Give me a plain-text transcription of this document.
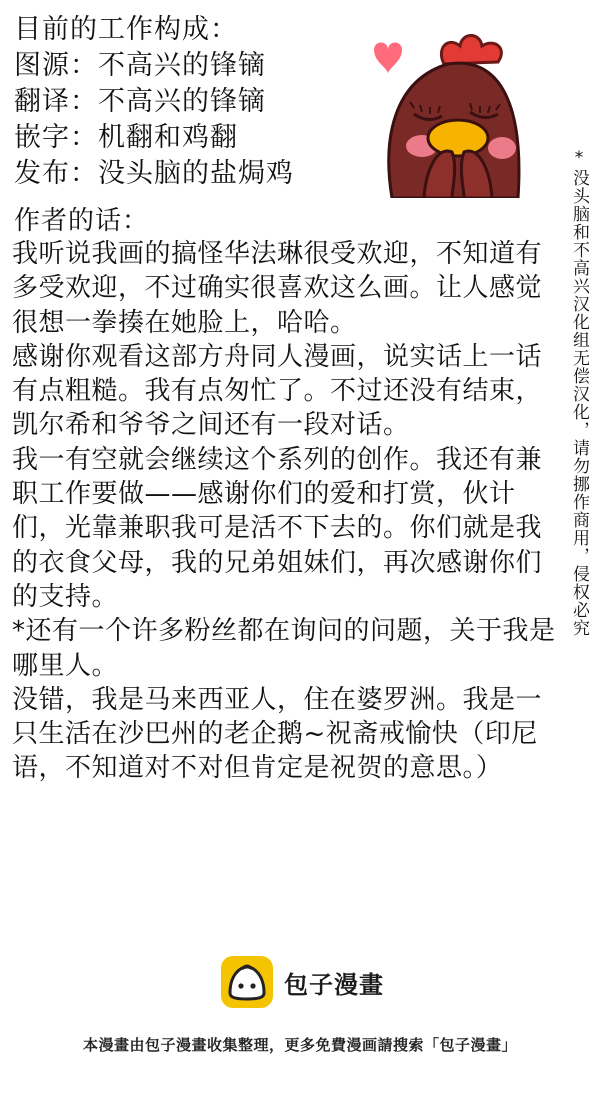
目前的工作构成：
图源：不高兴的锋镝
翻译：不高兴的锋镝
嵌字：机翻和鸡翻
发布：没头脑的盐焗鸡	*没头脑和不高兴汉化组无偿汉化，请勿挪作商用，侵权必究
作者的话：
我听说我画的搞怪华法琳很受欢迎，不知道有多受欢迎，不过确实很喜欢这么画。让人感觉很想一拳揍在她脸上，哈哈。
感谢你观看这部方舟同人漫画，说实话上一话有点粗糙。我有点匆忙了。不过还没有结束，凯尔希和爷爷之间还有一段对话。
我一有空就会继续这个系列的创作。我还有兼职工作要做——感谢你们的爱和打赏，伙计们，光靠兼职我可是活不下去的。你们就是我的衣食父母，我的兄弟姐妹们，再次感谢你们的支持。
*还有一个许多粉丝都在询问的问题，关于我是哪里人。
没错，我是马来西亚人，住在婆罗洲。我是一只生活在沙巴州的老企鹅~祝斋戒愉快（印尼语，不知道对不对但肯定是祝贺的意思。）
包子漫畫
本漫畫由包子漫畫收集整理，更多免費漫画請搜索「包子漫畫」
